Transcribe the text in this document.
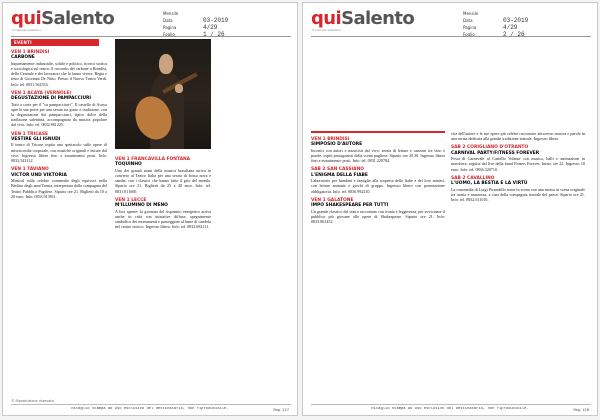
quiSalento
Il mensile salentino
Mensile
Data	03-2019
Pagina	4/29
Foglio	1 / 26
EVENTI
VEN 1 BRINDISI
CARBONE
Inquietamente industriale, solido e politico, ricerca storica e sociologica sul teatro: il racconto del carbone a Brindisi, della Centrale e dei lavoratori che la fanno vivere. Regia e testo di Giovanni De Nitto. Presso il Nuovo Teatro Verdi. Info: tel. 0831.562554.
VEN 1 ACAYA (VERNOLE)
DEGUSTAZIONE DI PAMPACCIURI
Tutti a corte per il "su pampacciurri". Il castello di Acaya apre le sue porte per una serata tra gusto e tradizione, con la degustazione dei pampacciurri, tipico dolce della tradizione salentina, accompagnata da musica popolare dal vivo. Info: tel. 0832.861225.
VEN 1 TRICASE
VESTIRE GLI IGNUDI
Il teatro di Tricase ospita uno spettacolo sulle opere di misericordia corporale, con musiche originali e letture dal vivo. Ingresso libero fino a esaurimento posti. Info: 0833.543212.
VEN 1 TAVIANO
VICTOR UND VIKTORIA
Musical sulla celebre commedia degli equivoci nella Berlino degli anni Trenta, interpretata dalla compagnia del Teatro Pubblico Pugliese. Sipario ore 21. Biglietti da 10 a 20 euro. Info: 0833.913911.
VEN 1 FRANCAVILLA FONTANA
TOQUINHO
Uno dei grandi nomi della musica brasiliana arriva in concerto al Teatro Italia per una serata di bossa nova e samba, con i classici che hanno fatto il giro del mondo. Sipario ore 21. Biglietti da 25 a 40 euro. Info: tel. 0831.811600.
VEN 1 LECCE
M'ILLUMINO DI MENO
A luci spente: la giornata del risparmio energetico arriva anche in città con iniziative diffuse, spegnimento simbolico dei monumenti e passeggiate al lume di candela nel centro storico. Ingresso libero. Info: tel. 0832.682111.
© Riproduzione riservata
Ritaglio stampa ad uso esclusivo del destinatario, non riproducibile.	Pag. 127
quiSalento
Il mensile salentino
Mensile
Data	03-2019
Pagina	4/29
Foglio	2 / 26
VEN 1 BRINDISI
SIMPOSIO D'AUTORE
Incontri con autori e musicisti dal vivo: serata di letture e canzoni tra vino e parole, ospiti protagonisti della scena pugliese. Sipario ore 20.30. Ingresso libero fino a esaurimento posti. Info: tel. 0831.229784.
SAB 2 SAN CASSIANO
L'ENIGMA DELLA FIABE
Laboratorio per bambini e famiglie alla scoperta delle fiabe e dei loro misteri, con letture animate e giochi di gruppo. Ingresso libero con prenotazione obbligatoria. Info: tel. 0836.992210.
VEN 1 GALATONE
IMPO SHAKESPEARE PER TUTTI
Un grande classico del teatro raccontato con ironia e leggerezza, per avvicinare il pubblico più giovane alle opere di Shakespeare. Sipario ore 21. Info: 0833.861452.
vita dell'autore e le sue opere più celebri raccontate attraverso musica e parole in una serata dedicata alla grande tradizione teatrale. Ingresso libero.
SAB 2 CORIGLIANO D'OTRANTO
CARNIVAL PARTY/FITNESS FOREVER
Festa di Carnevale al Castello Volante con musica, balli e animazione in maschera, seguita dal live della band Fitness Forever. Inizio ore 22. Ingresso 10 euro. Info: tel. 0836.320710.
SAB 2 CAVALLINO
L'UOMO, LA BESTIA E LA VIRTÙ
La commedia di Luigi Pirandello torna in scena con una messa in scena originale tra ironia e amarezza, a cura della compagnia teatrale del paese. Sipario ore 21. Info: tel. 0832.611016.
Ritaglio stampa ad uso esclusivo del destinatario, non riproducibile.	Pag. 128
